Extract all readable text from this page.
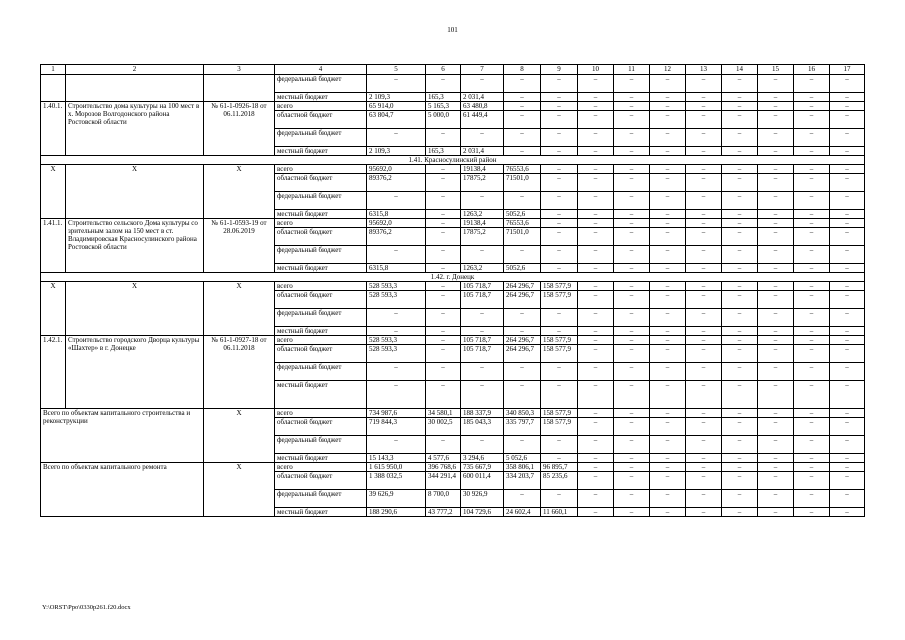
101
1	2	3	4	5	6	7	8	9	10	11	12	13	14	15	16	17
			федеральный бюджет	–	–	–	–	–	–	–	–	–	–	–	–	–
			местный бюджет	2 109,3	165,3	2 031,4	–	–	–	–	–	–	–	–	–	–
1.40.1.	Строительство дома культуры на 100 мест в х. Морозов Волгодонского района Ростовской области	№ 61-1-0926-18 от 06.11.2018	всего	65 914,0	5 165,3	63 480,8	–	–	–	–	–	–	–	–	–	–
			областной бюджет	63 804,7	5 000,0	61 449,4	–	–	–	–	–	–	–	–	–	–
			федеральный бюджет	–	–	–	–	–	–	–	–	–	–	–	–	–
			местный бюджет	2 109,3	165,3	2 031,4	–	–	–	–	–	–	–	–	–	–
1.41. Красносулинский район																
X	X	X	всего	95692,0	–	19138,4	76553,6	–	–	–	–	–	–	–	–	–
			областной бюджет	89376,2	–	17875,2	71501,0	–	–	–	–	–	–	–	–	–
			федеральный бюджет	–	–	–	–	–	–	–	–	–	–	–	–	–
			местный бюджет	6315,8	–	1263,2	5052,6	–	–	–	–	–	–	–	–	–
1.41.1.	Строительство сельского Дома культуры со зрительным залом на 150 мест в ст. Владимировская Красносулинского района Ростовской области	№ 61-1-0593-19 от 28.06.2019	всего	95692,0	–	19138,4	76553,6	–	–	–	–	–	–	–	–	–
			областной бюджет	89376,2	–	17875,2	71501,0	–	–	–	–	–	–	–	–	–
			федеральный бюджет	–	–	–	–	–	–	–	–	–	–	–	–	–
			местный бюджет	6315,8	–	1263,2	5052,6	–	–	–	–	–	–	–	–	–
1.42. г. Донецк																
X	X	X	всего	528 593,3	–	105 718,7	264 296,7	158 577,9	–	–	–	–	–	–	–	–
			областной бюджет	528 593,3	–	105 718,7	264 296,7	158 577,9	–	–	–	–	–	–	–	–
			федеральный бюджет	–	–	–	–	–	–	–	–	–	–	–	–	–
			местный бюджет	–	–	–	–	–	–	–	–	–	–	–	–	–
1.42.1.	Строительство городского Дворца культуры «Шахтер» в г. Донецке	№ 61-1-0927-18 от 06.11.2018	всего	528 593,3	–	105 718,7	264 296,7	158 577,9	–	–	–	–	–	–	–	–
			областной бюджет	528 593,3	–	105 718,7	264 296,7	158 577,9	–	–	–	–	–	–	–	–
			федеральный бюджет	–	–	–	–	–	–	–	–	–	–	–	–	–
			местный бюджет	–	–	–	–	–	–	–	–	–	–	–	–	–
Всего по объектам капитального строительства и реконструкции		X	всего	734 987,6	34 580,1	188 337,9	340 850,3	158 577,9	–	–	–	–	–	–	–	–
			областной бюджет	719 844,3	30 002,5	185 043,3	335 797,7	158 577,9	–	–	–	–	–	–	–	–
			федеральный бюджет	–	–	–	–	–	–	–	–	–	–	–	–	–
			местный бюджет	15 143,3	4 577,6	3 294,6	5 052,6	–	–	–	–	–	–	–	–	–
Всего по объектам капитального ремонта		X	всего	1 615 950,0	396 768,6	735 667,9	358 806,1	96 895,7	–	–	–	–	–	–	–	–
			областной бюджет	1 388 032,5	344 291,4	600 011,4	334 203,7	85 235,6	–	–	–	–	–	–	–	–
			федеральный бюджет	39 626,9	8 700,0	30 926,9	–	–	–	–	–	–	–	–	–	–
			местный бюджет	188 290,6	43 777,2	104 729,6	24 602,4	11 660,1	–	–	–	–	–	–	–	–
Y:\ORST\Ppo\0330p261.f20.docx
